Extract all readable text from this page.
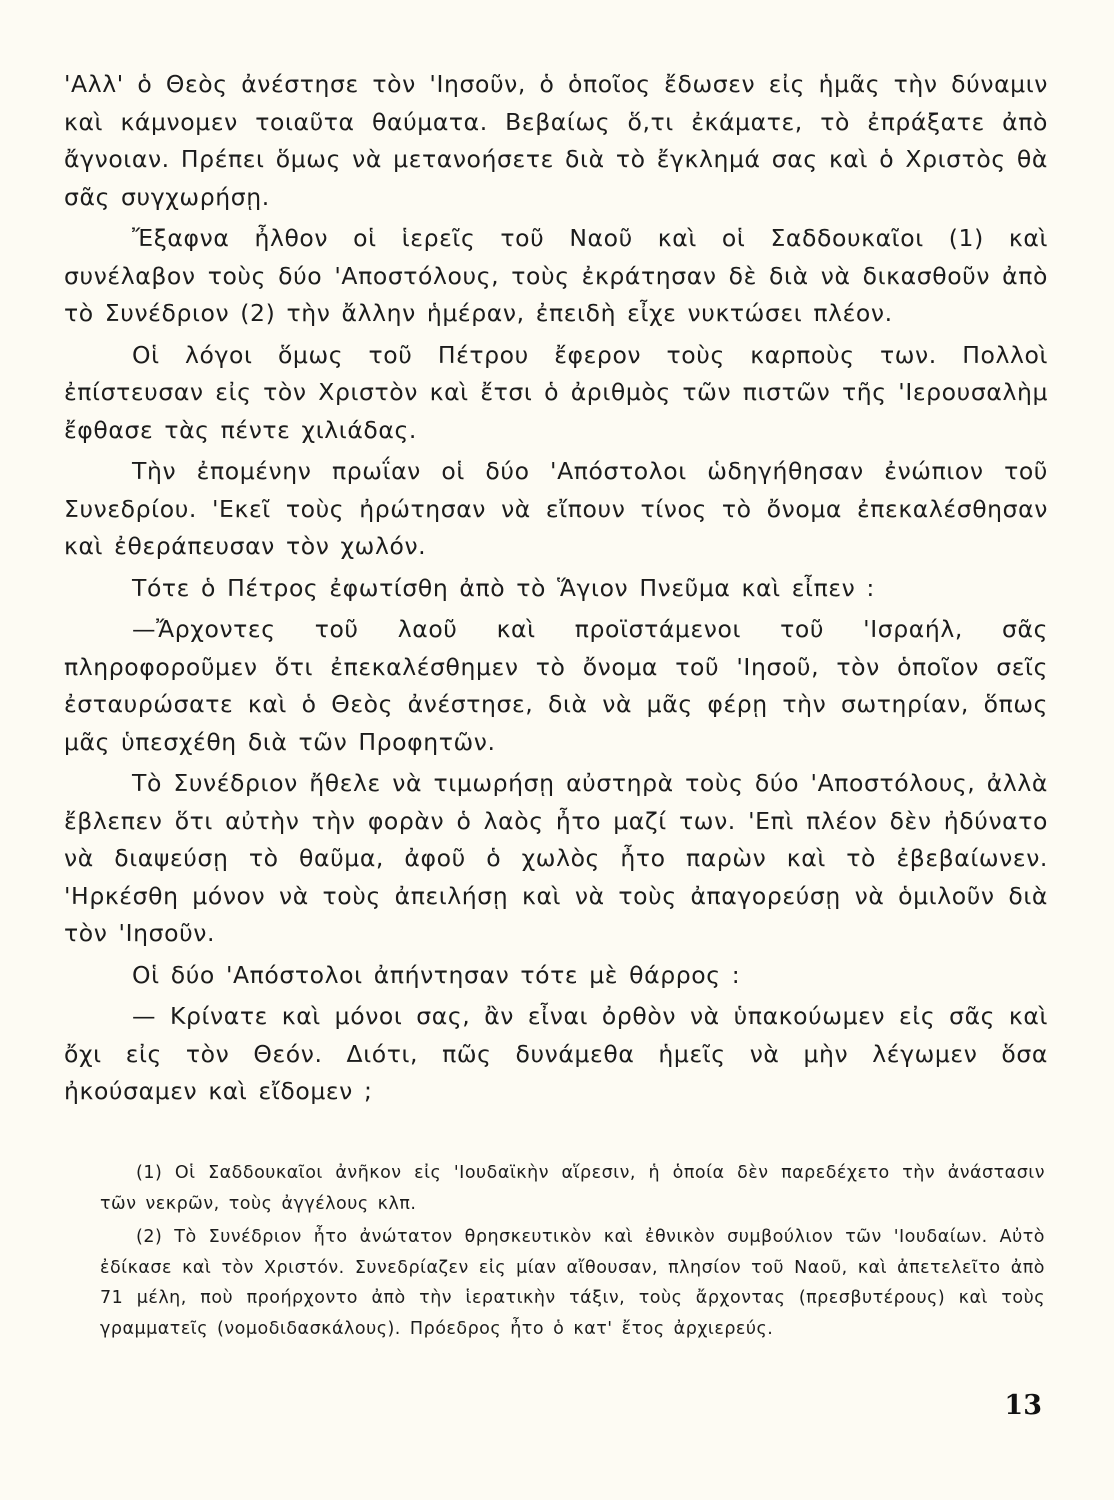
'Αλλ' ὁ Θεὸς ἀνέστησε τὸν 'Ιησοῦν, ὁ ὁποῖος ἔδωσεν εἰς ἡμᾶς τὴν δύναμιν καὶ κάμνομεν τοιαῦτα θαύματα. Βεβαίως ὅ,τι ἐκάματε, τὸ ἐπράξατε ἀπὸ ἄγνοιαν. Πρέπει ὅμως νὰ μετανοήσετε διὰ τὸ ἔγκλημά σας καὶ ὁ Χριστὸς θὰ σᾶς συγχωρήσῃ.

Ἔξαφνα ἦλθον οἱ ἱερεῖς τοῦ Ναοῦ καὶ οἱ Σαδδουκαῖοι (1) καὶ συνέλαβον τοὺς δύο 'Αποστόλους, τοὺς ἐκράτησαν δὲ διὰ νὰ δικασθοῦν ἀπὸ τὸ Συνέδριον (2) τὴν ἄλλην ἡμέραν, ἐπειδὴ εἶχε νυκτώσει πλέον.

Οἱ λόγοι ὅμως τοῦ Πέτρου ἔφερον τοὺς καρποὺς των. Πολλοὶ ἐπίστευσαν εἰς τὸν Χριστὸν καὶ ἔτσι ὁ ἀριθμὸς τῶν πιστῶν τῆς 'Ιερουσαλὴμ ἔφθασε τὰς πέντε χιλιάδας.

Τὴν ἐπομένην πρωΐαν οἱ δύο 'Απόστολοι ὡδηγήθησαν ἐνώπιον τοῦ Συνεδρίου. 'Εκεῖ τοὺς ἠρώτησαν νὰ εἴπουν τίνος τὸ ὄνομα ἐπεκαλέσθησαν καὶ ἐθεράπευσαν τὸν χωλόν.

Τότε ὁ Πέτρος ἐφωτίσθη ἀπὸ τὸ Ἅγιον Πνεῦμα καὶ εἶπεν :

—Ἄρχοντες τοῦ λαοῦ καὶ προϊστάμενοι τοῦ 'Ισραήλ, σᾶς πληροφοροῦμεν ὅτι ἐπεκαλέσθημεν τὸ ὄνομα τοῦ 'Ιησοῦ, τὸν ὁποῖον σεῖς ἐσταυρώσατε καὶ ὁ Θεὸς ἀνέστησε, διὰ νὰ μᾶς φέρῃ τὴν σωτηρίαν, ὅπως μᾶς ὑπεσχέθη διὰ τῶν Προφητῶν.

Τὸ Συνέδριον ἤθελε νὰ τιμωρήσῃ αὐστηρὰ τοὺς δύο 'Αποστόλους, ἀλλὰ ἔβλεπεν ὅτι αὐτὴν τὴν φορὰν ὁ λαὸς ἦτο μαζί των. 'Επὶ πλέον δὲν ἠδύνατο νὰ διαψεύσῃ τὸ θαῦμα, ἀφοῦ ὁ χωλὸς ἦτο παρὼν καὶ τὸ ἐβεβαίωνεν. 'Ηρκέσθη μόνον νὰ τοὺς ἀπειλήσῃ καὶ νὰ τοὺς ἀπαγορεύσῃ νὰ ὁμιλοῦν διὰ τὸν 'Ιησοῦν.

Οἱ δύο 'Απόστολοι ἀπήντησαν τότε μὲ θάρρος :

— Κρίνατε καὶ μόνοι σας, ἂν εἶναι ὀρθὸν νὰ ὑπακούωμεν εἰς σᾶς καὶ ὄχι εἰς τὸν Θεόν. Διότι, πῶς δυνάμεθα ἡμεῖς νὰ μὴν λέγωμεν ὅσα ἠκούσαμεν καὶ εἴδομεν ;

(1) Οἱ Σαδδουκαῖοι ἀνῆκον εἰς 'Ιουδαϊκὴν αἵρεσιν, ἡ ὁποία δὲν παρεδέχετο τὴν ἀνάστασιν τῶν νεκρῶν, τοὺς ἀγγέλους κλπ.

(2) Τὸ Συνέδριον ἦτο ἀνώτατον θρησκευτικὸν καὶ ἐθνικὸν συμβούλιον τῶν 'Ιουδαίων. Αὐτὸ ἐδίκασε καὶ τὸν Χριστόν. Συνεδρίαζεν εἰς μίαν αἴθουσαν, πλησίον τοῦ Ναοῦ, καὶ ἀπετελεῖτο ἀπὸ 71 μέλη, ποὺ προήρχοντο ἀπὸ τὴν ἱερατικὴν τάξιν, τοὺς ἄρχοντας (πρεσβυτέρους) καὶ τοὺς γραμματεῖς (νομοδιδασκάλους). Πρόεδρος ἦτο ὁ κατ' ἔτος ἀρχιερεύς.

13
